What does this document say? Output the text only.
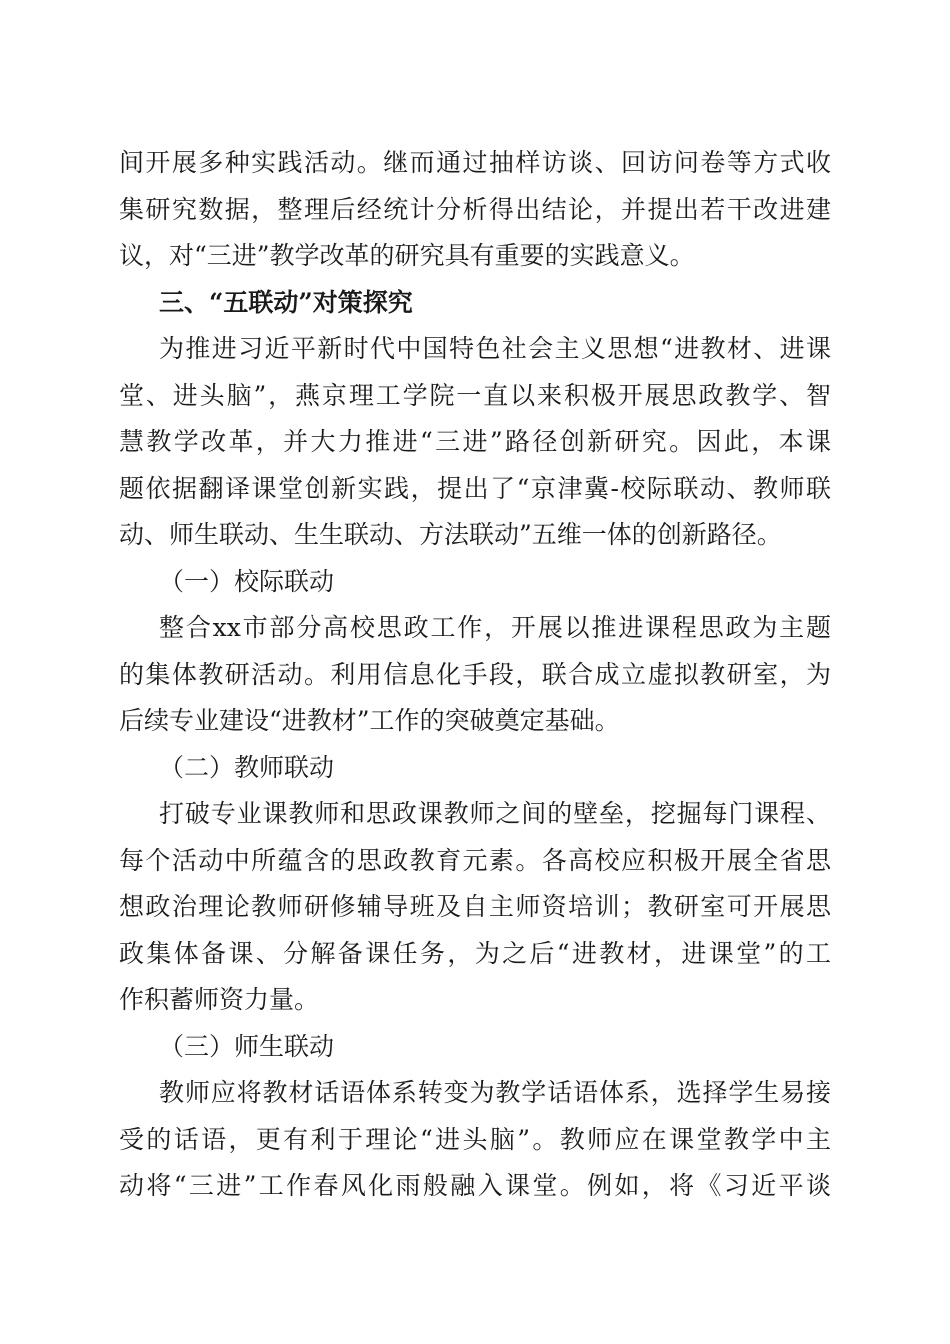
间开展多种实践活动。继而通过抽样访谈、回访问卷等方式收
集研究数据，整理后经统计分析得出结论，并提出若干改进建
议，对“三进”教学改革的研究具有重要的实践意义。
三、“五联动”对策探究
为推进习近平新时代中国特色社会主义思想“进教材、进课
堂、进头脑”，燕京理工学院一直以来积极开展思政教学、智
慧教学改革，并大力推进“三进”路径创新研究。因此，本课
题依据翻译课堂创新实践，提出了“京津冀-校际联动、教师联
动、师生联动、生生联动、方法联动”五维一体的创新路径。
（一）校际联动
整合xx市部分高校思政工作，开展以推进课程思政为主题
的集体教研活动。利用信息化手段，联合成立虚拟教研室，为
后续专业建设“进教材”工作的突破奠定基础。
（二）教师联动
打破专业课教师和思政课教师之间的壁垒，挖掘每门课程、
每个活动中所蕴含的思政教育元素。各高校应积极开展全省思
想政治理论教师研修辅导班及自主师资培训；教研室可开展思
政集体备课、分解备课任务，为之后“进教材，进课堂”的工
作积蓄师资力量。
（三）师生联动
教师应将教材话语体系转变为教学话语体系，选择学生易接
受的话语，更有利于理论“进头脑”。教师应在课堂教学中主
动将“三进”工作春风化雨般融入课堂。例如，将《习近平谈
